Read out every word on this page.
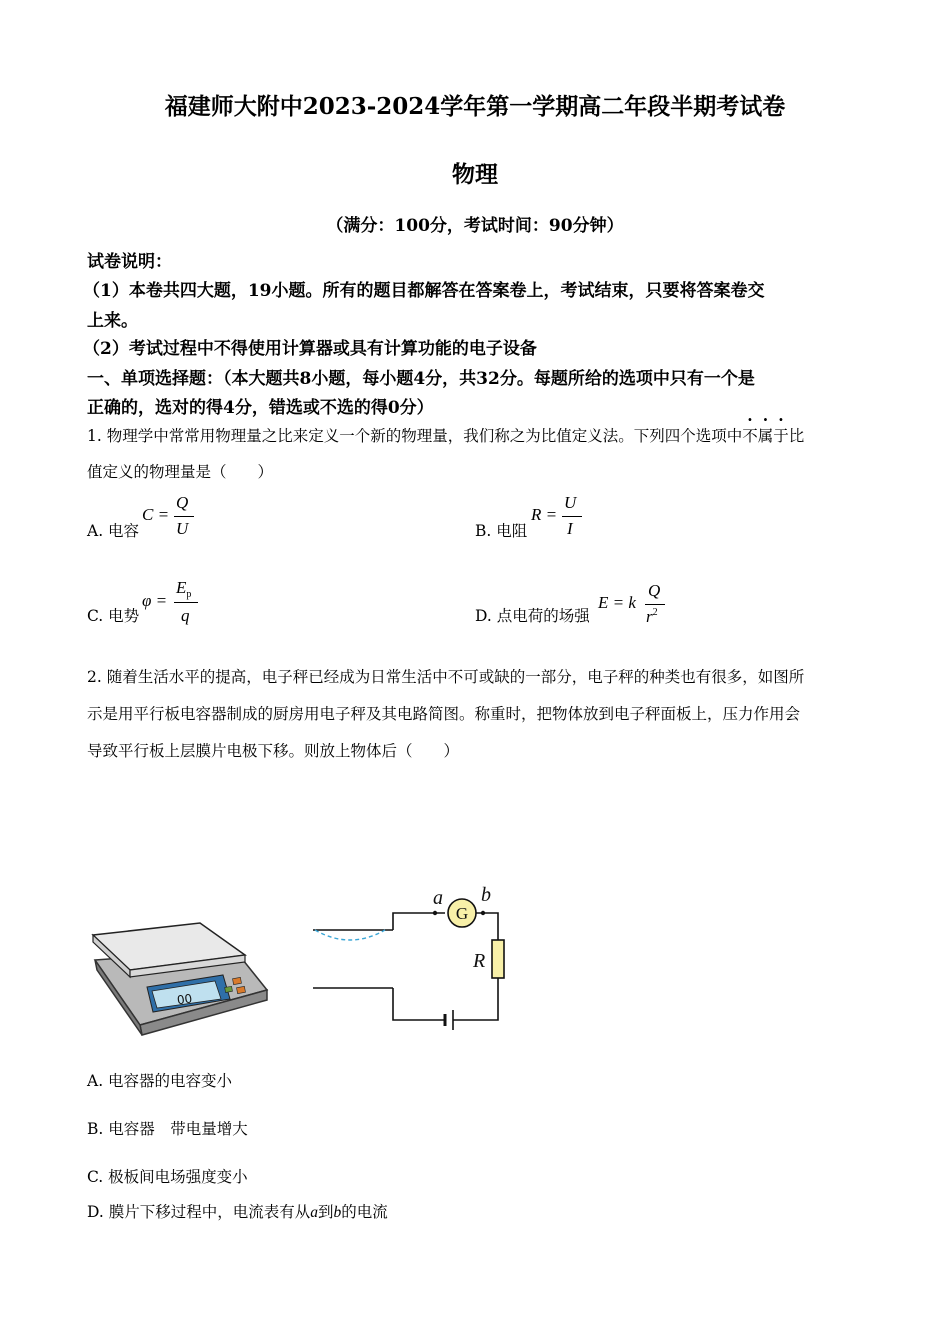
福建师大附中2023-2024学年第一学期高二年段半期考试卷
物理
（满分：100分，考试时间：90分钟）
试卷说明：
（1）本卷共四大题，19小题。所有的题目都解答在答案卷上，考试结束，只要将答案卷交
上来。
（2）考试过程中不得使用计算器或具有计算功能的电子设备
一、单项选择题：（本大题共8小题，每小题4分，共32分。每题所给的选项中只有一个是
正确的，选对的得4分，错选或不选的得0分）
1. 物理学中常常用物理量之比来定义一个新的物理量，我们称之为比值定义法。下列四个选项中不属于比
值定义的物理量是（　　）
A. 电容
C =
Q
U	B. 电阻
R =
U
I
C. 电势
φ =
$E_p$
q	D. 点电荷的场强
E = k
Q
$r^2$
2. 随着生活水平的提高，电子秤已经成为日常生活中不可或缺的一部分，电子秤的种类也有很多，如图所
示是用平行板电容器制成的厨房用电子秤及其电路简图。称重时，把物体放到电子秤面板上，压力作用会
导致平行板上层膜片电极下移。则放上物体后（　　）
00
G
a b
R
A. 电容器的电容变小
B. 电容器　带电量增大
C. 极板间电场强度变小
D. 膜片下移过程中，电流表有从a到b的电流
